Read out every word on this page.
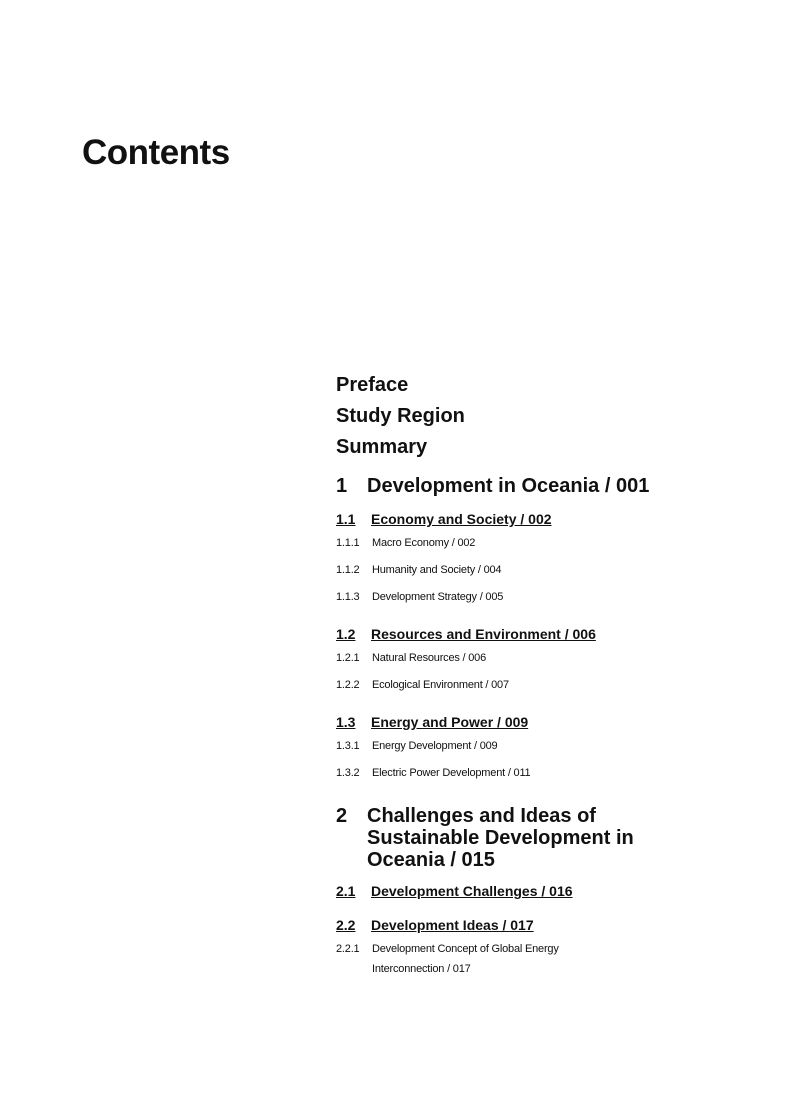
Contents
Preface
Study Region
Summary
1 Development in Oceania / 001
1.1	Economy and Society / 002
1.1.1	Macro Economy / 002
1.1.2	Humanity and Society / 004
1.1.3	Development Strategy / 005
1.2	Resources and Environment / 006
1.2.1	Natural Resources / 006
1.2.2	Ecological Environment / 007
1.3	Energy and Power / 009
1.3.1	Energy Development / 009
1.3.2	Electric Power Development / 011
2 Challenges and Ideas of Sustainable Development in Oceania / 015
2.1	Development Challenges / 016
2.2	Development Ideas / 017
2.2.1	Development Concept of Global Energy Interconnection / 017
